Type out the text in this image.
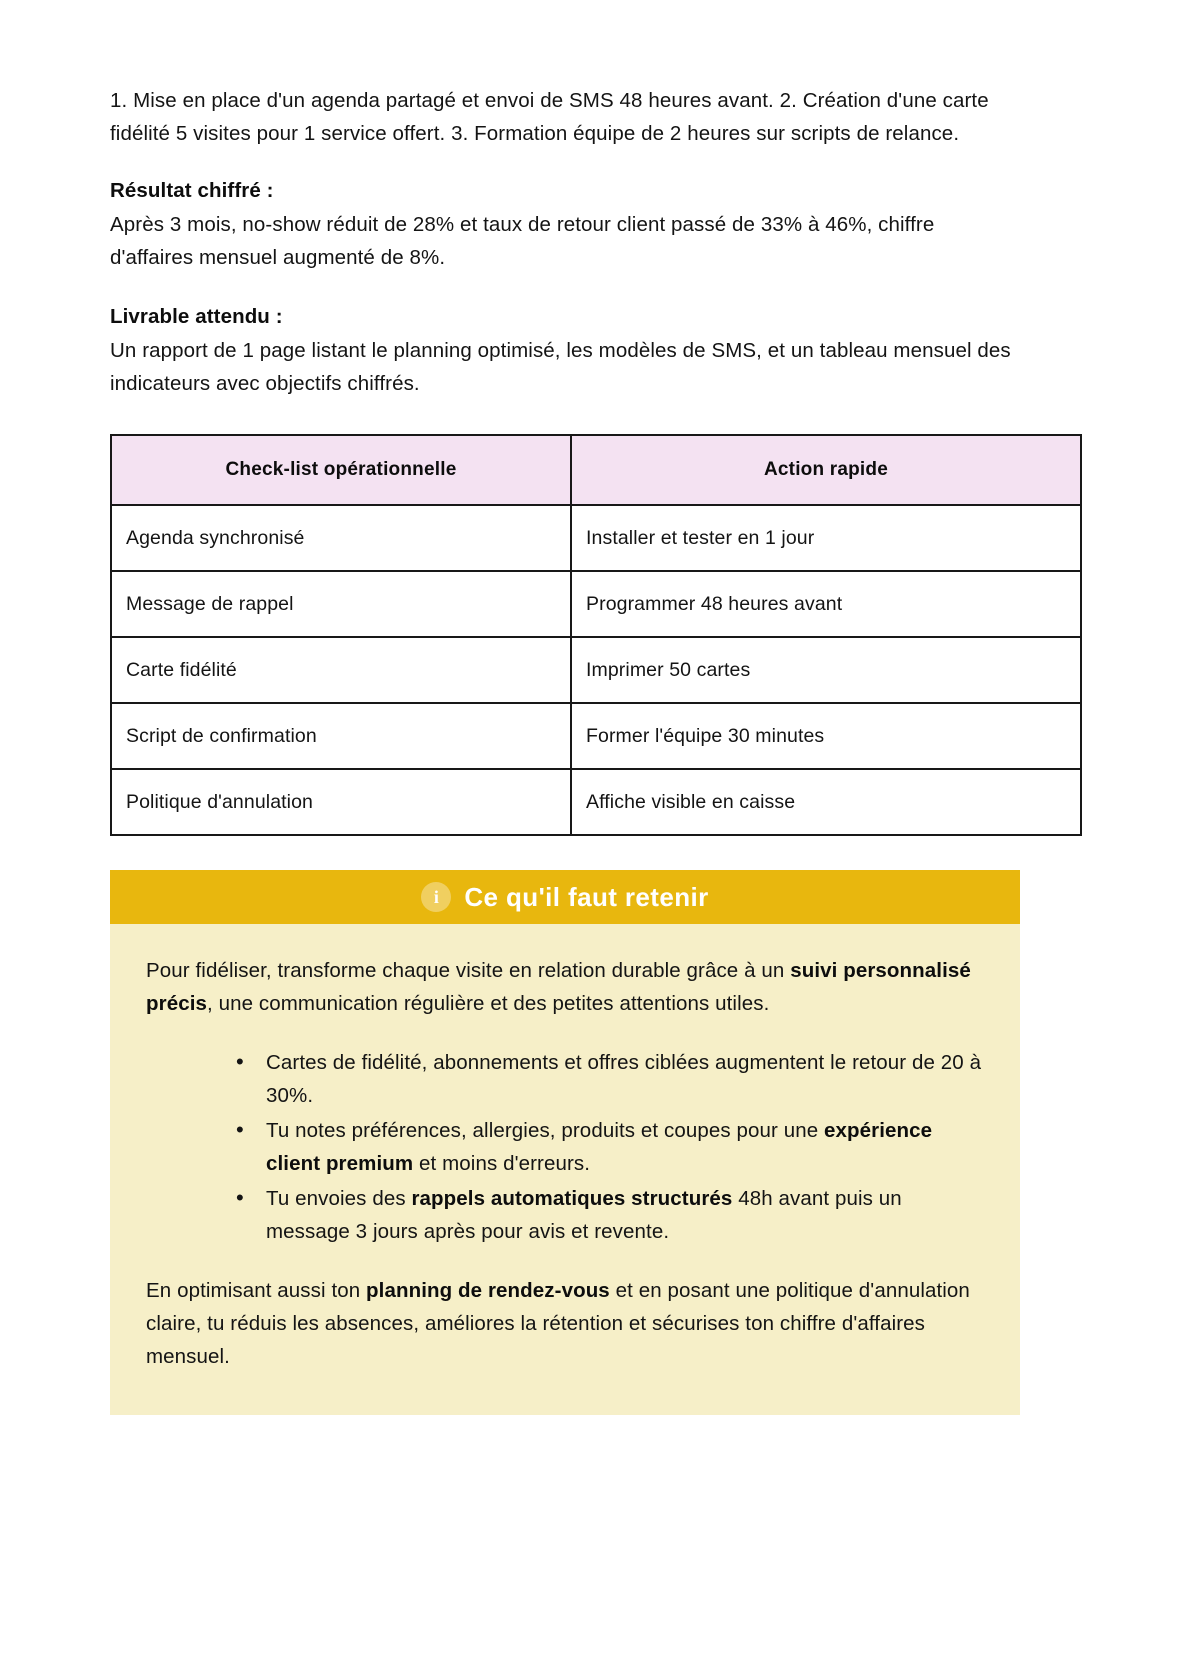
1. Mise en place d'un agenda partagé et envoi de SMS 48 heures avant. 2. Création d'une carte fidélité 5 visites pour 1 service offert. 3. Formation équipe de 2 heures sur scripts de relance.

Résultat chiffré :

Après 3 mois, no-show réduit de 28% et taux de retour client passé de 33% à 46%, chiffre d'affaires mensuel augmenté de 8%.

Livrable attendu :

Un rapport de 1 page listant le planning optimisé, les modèles de SMS, et un tableau mensuel des indicateurs avec objectifs chiffrés.

Check-list opérationnelle	Action rapide
Agenda synchronisé	Installer et tester en 1 jour
Message de rappel	Programmer 48 heures avant
Carte fidélité	Imprimer 50 cartes
Script de confirmation	Former l'équipe 30 minutes
Politique d'annulation	Affiche visible en caisse
i Ce qu'il faut retenir

Pour fidéliser, transforme chaque visite en relation durable grâce à un suivi personnalisé précis, une communication régulière et des petites attentions utiles.

• Cartes de fidélité, abonnements et offres ciblées augmentent le retour de 20 à 30%.
• Tu notes préférences, allergies, produits et coupes pour une expérience client premium et moins d'erreurs.
• Tu envoies des rappels automatiques structurés 48h avant puis un message 3 jours après pour avis et revente.

En optimisant aussi ton planning de rendez-vous et en posant une politique d'annulation claire, tu réduis les absences, améliores la rétention et sécurises ton chiffre d'affaires mensuel.
